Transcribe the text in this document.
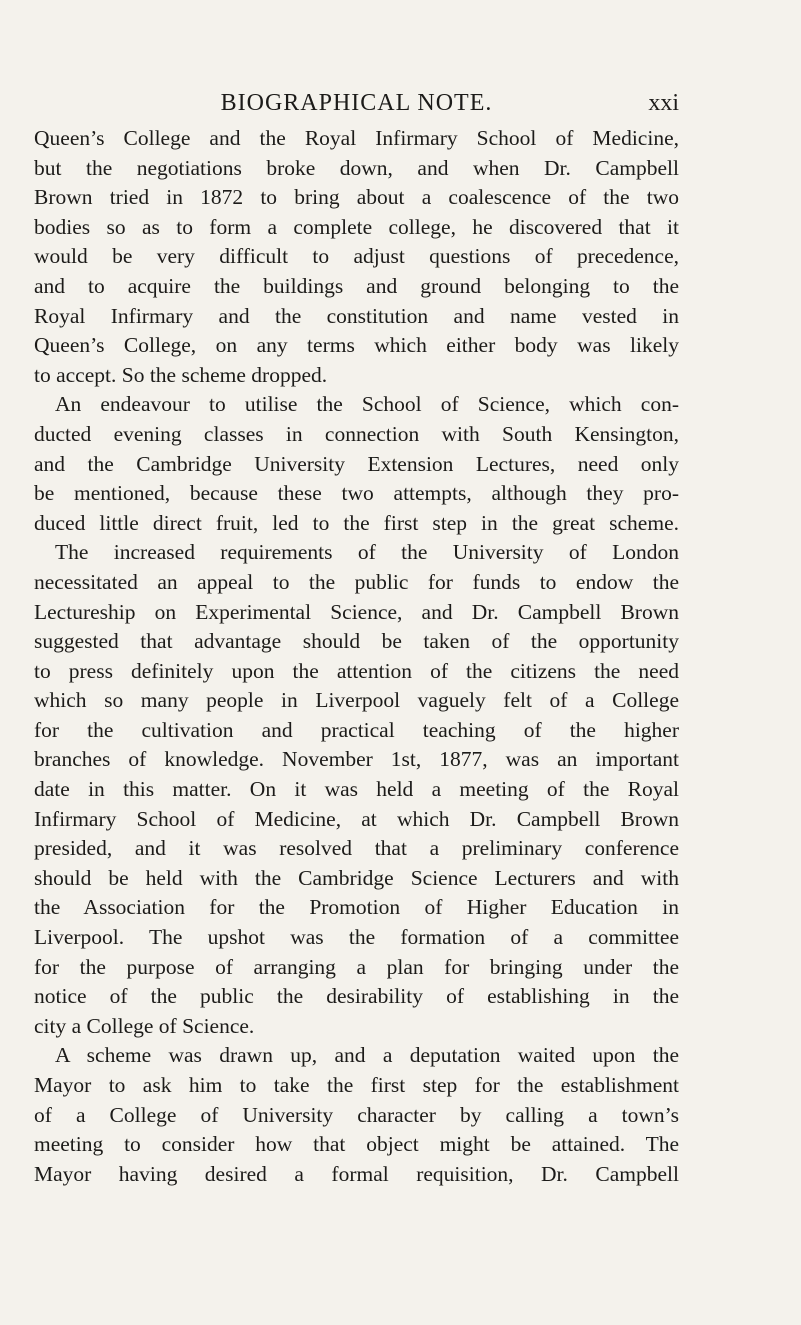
BIOGRAPHICAL NOTE.	xxi
Queen’s College and the Royal Infirmary School of Medicine,
but the negotiations broke down, and when Dr. Campbell
Brown tried in 1872 to bring about a coalescence of the two
bodies so as to form a complete college, he discovered that it
would be very difficult to adjust questions of precedence,
and to acquire the buildings and ground belonging to the
Royal Infirmary and the constitution and name vested in
Queen’s College, on any terms which either body was likely
to accept. So the scheme dropped.
An endeavour to utilise the School of Science, which con-
ducted evening classes in connection with South Kensington,
and the Cambridge University Extension Lectures, need only
be mentioned, because these two attempts, although they pro-
duced little direct fruit, led to the first step in the great scheme.
The increased requirements of the University of London
necessitated an appeal to the public for funds to endow the
Lectureship on Experimental Science, and Dr. Campbell Brown
suggested that advantage should be taken of the opportunity
to press definitely upon the attention of the citizens the need
which so many people in Liverpool vaguely felt of a College
for the cultivation and practical teaching of the higher
branches of knowledge. November 1st, 1877, was an important
date in this matter. On it was held a meeting of the Royal
Infirmary School of Medicine, at which Dr. Campbell Brown
presided, and it was resolved that a preliminary conference
should be held with the Cambridge Science Lecturers and with
the Association for the Promotion of Higher Education in
Liverpool. The upshot was the formation of a committee
for the purpose of arranging a plan for bringing under the
notice of the public the desirability of establishing in the
city a College of Science.
A scheme was drawn up, and a deputation waited upon the
Mayor to ask him to take the first step for the establishment
of a College of University character by calling a town’s
meeting to consider how that object might be attained. The
Mayor having desired a formal requisition, Dr. Campbell
